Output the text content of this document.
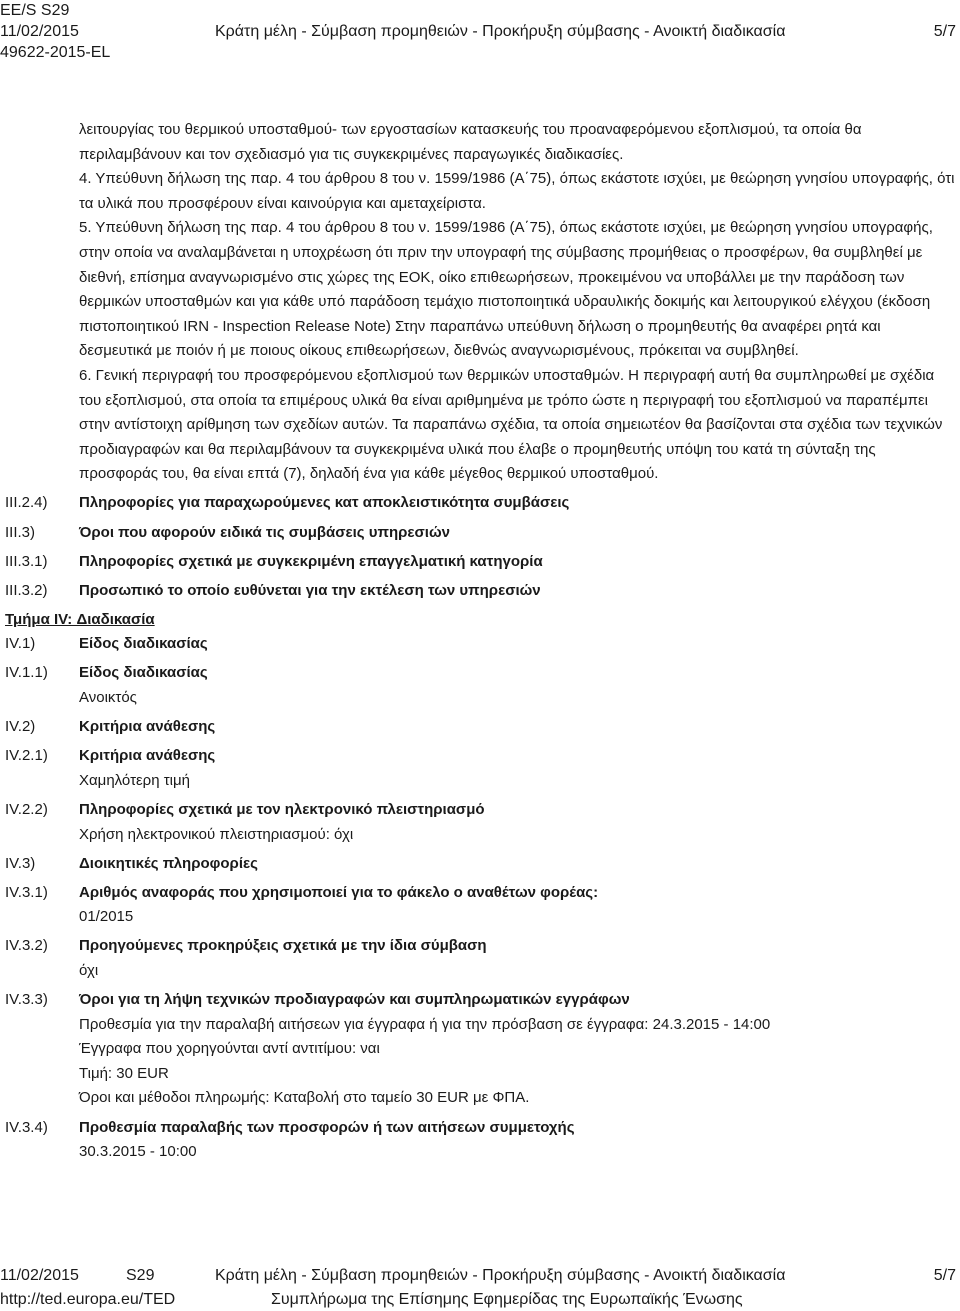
EE/S S29
11/02/2015
49622-2015-EL
Κράτη μέλη - Σύμβαση προμηθειών - Προκήρυξη σύμβασης - Ανοικτή διαδικασία	5/7
λειτουργίας του θερμικού υποσταθμού- των εργοστασίων κατασκευής του προαναφερόμενου εξοπλισμού, τα οποία θα περιλαμβάνουν και τον σχεδιασμό για τις συγκεκριμένες παραγωγικές διαδικασίες.
4. Υπεύθυνη δήλωση της παρ. 4 του άρθρου 8 του ν. 1599/1986 (Α΄75), όπως εκάστοτε ισχύει, με θεώρηση γνησίου υπογραφής, ότι τα υλικά που προσφέρουν είναι καινούργια και αμεταχείριστα.
5. Υπεύθυνη δήλωση της παρ. 4 του άρθρου 8 του ν. 1599/1986 (Α΄75), όπως εκάστοτε ισχύει, με θεώρηση γνησίου υπογραφής, στην οποία να αναλαμβάνεται η υποχρέωση ότι πριν την υπογραφή της σύμβασης προμήθειας ο προσφέρων, θα συμβληθεί με διεθνή, επίσημα αναγνωρισμένο στις χώρες της ΕΟΚ, οίκο επιθεωρήσεων, προκειμένου να υποβάλλει με την παράδοση των θερμικών υποσταθμών και για κάθε υπό παράδοση τεμάχιο πιστοποιητικά υδραυλικής δοκιμής και λειτουργικού ελέγχου (έκδοση πιστοποιητικού IRN - Inspection Release Note) Στην παραπάνω υπεύθυνη δήλωση ο προμηθευτής θα αναφέρει ρητά και δεσμευτικά με ποιόν ή με ποιους οίκους επιθεωρήσεων, διεθνώς αναγνωρισμένους, πρόκειται να συμβληθεί.
6. Γενική περιγραφή του προσφερόμενου εξοπλισμού των θερμικών υποσταθμών. Η περιγραφή αυτή θα συμπληρωθεί με σχέδια του εξοπλισμού, στα οποία τα επιμέρους υλικά θα είναι αριθμημένα με τρόπο ώστε η περιγραφή του εξοπλισμού να παραπέμπει στην αντίστοιχη αρίθμηση των σχεδίων αυτών. Τα παραπάνω σχέδια, τα οποία σημειωτέον θα βασίζονται στα σχέδια των τεχνικών προδιαγραφών και θα περιλαμβάνουν τα συγκεκριμένα υλικά που έλαβε ο προμηθευτής υπόψη του κατά τη σύνταξη της προσφοράς του, θα είναι επτά (7), δηλαδή ένα για κάθε μέγεθος θερμικού υποσταθμού.
III.2.4)	Πληροφορίες για παραχωρούμενες κατ αποκλειστικότητα συμβάσεις
III.3)	Όροι που αφορούν ειδικά τις συμβάσεις υπηρεσιών
III.3.1)	Πληροφορίες σχετικά με συγκεκριμένη επαγγελματική κατηγορία
III.3.2)	Προσωπικό το οποίο ευθύνεται για την εκτέλεση των υπηρεσιών
Τμήμα IV: Διαδικασία
IV.1)	Είδος διαδικασίας
IV.1.1)	Είδος διαδικασίας
Ανοικτός
IV.2)	Κριτήρια ανάθεσης
IV.2.1)	Κριτήρια ανάθεσης
Χαμηλότερη τιμή
IV.2.2)	Πληροφορίες σχετικά με τον ηλεκτρονικό πλειστηριασμό
Χρήση ηλεκτρονικού πλειστηριασμού: όχι
IV.3)	Διοικητικές πληροφορίες
IV.3.1)	Αριθμός αναφοράς που χρησιμοποιεί για το φάκελο ο αναθέτων φορέας:
01/2015
IV.3.2)	Προηγούμενες προκηρύξεις σχετικά με την ίδια σύμβαση
όχι
IV.3.3)	Όροι για τη λήψη τεχνικών προδιαγραφών και συμπληρωματικών εγγράφων
Προθεσμία για την παραλαβή αιτήσεων για έγγραφα ή για την πρόσβαση σε έγγραφα: 24.3.2015 - 14:00
Έγγραφα που χορηγούνται αντί αντιτίμου: ναι
Τιμή: 30 EUR
Όροι και μέθοδοι πληρωμής: Καταβολή στο ταμείο 30 EUR με ΦΠΑ.
IV.3.4)	Προθεσμία παραλαβής των προσφορών ή των αιτήσεων συμμετοχής
30.3.2015 - 10:00
11/02/2015	S29
http://ted.europa.eu/TED
Κράτη μέλη - Σύμβαση προμηθειών - Προκήρυξη σύμβασης - Ανοικτή διαδικασία
Συμπλήρωμα της Επίσημης Εφημερίδας της Ευρωπαϊκής Ένωσης
5/7
